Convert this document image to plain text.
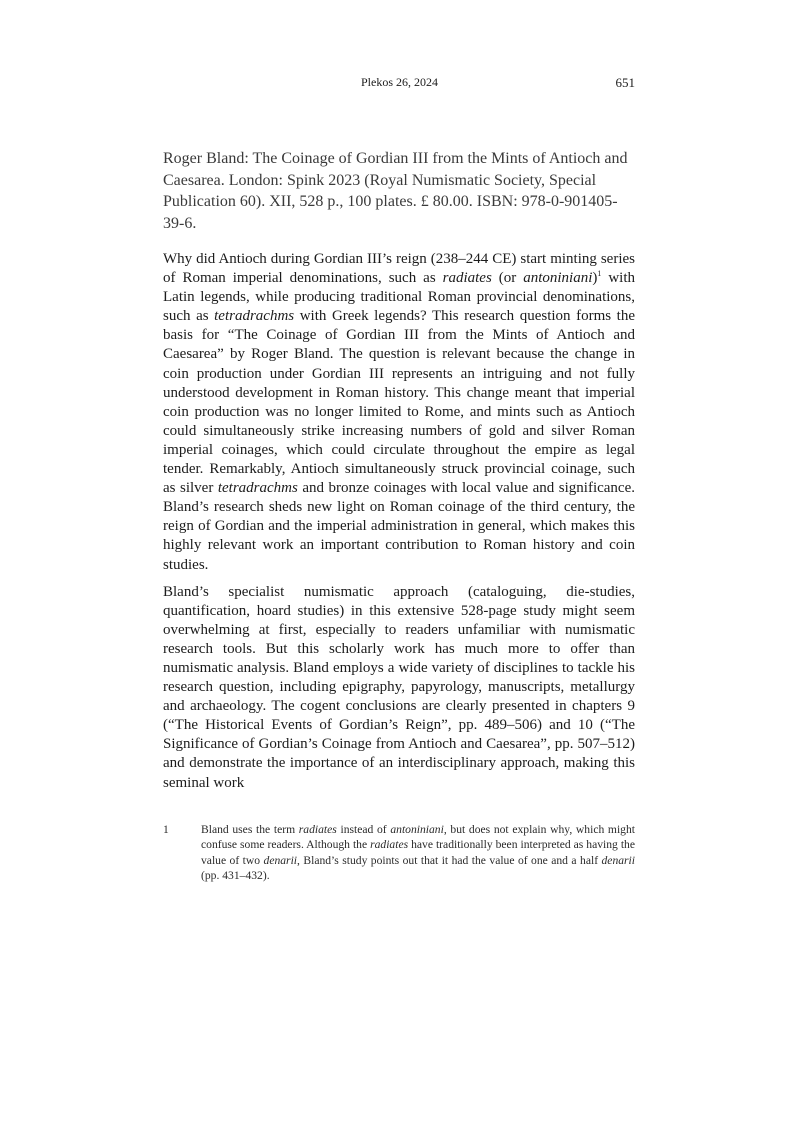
Plekos 26, 2024	651
Roger Bland: The Coinage of Gordian III from the Mints of Antioch and Caesarea. London: Spink 2023 (Royal Numismatic Society, Special Publication 60). XII, 528 p., 100 plates. £ 80.00. ISBN: 978-0-901405-39-6.

Why did Antioch during Gordian III’s reign (238–244 CE) start minting series of Roman imperial denominations, such as radiates (or antoniniani)$^1$ with Latin legends, while producing traditional Roman provincial denominations, such as tetradrachms with Greek legends? This research question forms the basis for “The Coinage of Gordian III from the Mints of Antioch and Caesarea” by Roger Bland. The question is relevant because the change in coin production under Gordian III represents an intriguing and not fully understood development in Roman history. This change meant that imperial coin production was no longer limited to Rome, and mints such as Antioch could simultaneously strike increasing numbers of gold and silver Roman imperial coinages, which could circulate throughout the empire as legal tender. Remarkably, Antioch simultaneously struck provincial coinage, such as silver tetradrachms and bronze coinages with local value and significance. Bland’s research sheds new light on Roman coinage of the third century, the reign of Gordian and the imperial administration in general, which makes this highly relevant work an important contribution to Roman history and coin studies.

Bland’s specialist numismatic approach (cataloguing, die-studies, quantification, hoard studies) in this extensive 528-page study might seem overwhelming at first, especially to readers unfamiliar with numismatic research tools. But this scholarly work has much more to offer than numismatic analysis. Bland employs a wide variety of disciplines to tackle his research question, including epigraphy, papyrology, manuscripts, metallurgy and archaeology. The cogent conclusions are clearly presented in chapters 9 (“The Historical Events of Gordian’s Reign”, pp. 489–506) and 10 (“The Significance of Gordian’s Coinage from Antioch and Caesarea”, pp. 507–512) and demonstrate the importance of an interdisciplinary approach, making this seminal work

1	Bland uses the term radiates instead of antoniniani, but does not explain why, which might confuse some readers. Although the radiates have traditionally been interpreted as having the value of two denarii, Bland’s study points out that it had the value of one and a half denarii (pp. 431–432).
